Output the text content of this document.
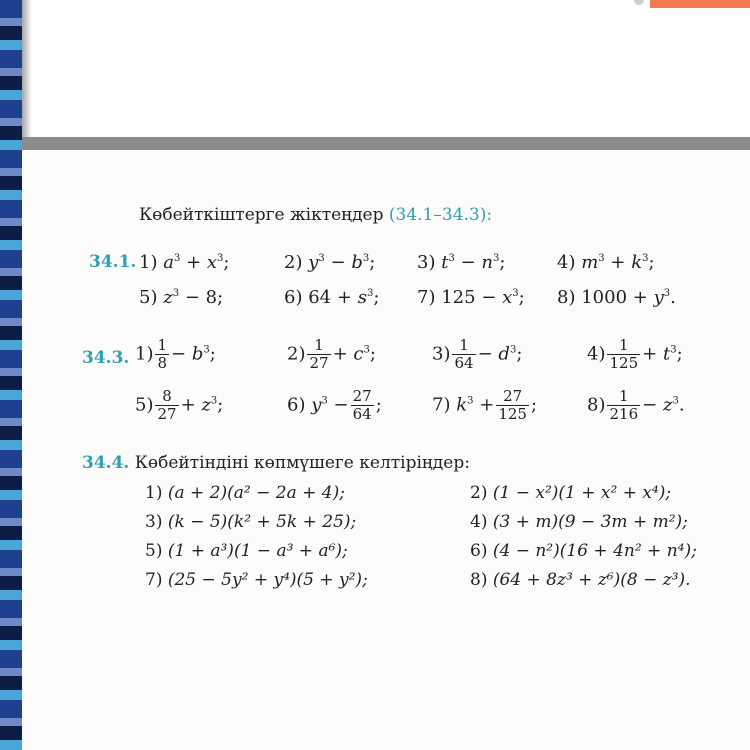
Көбейткіштерге жіктеңдер (34.1–34.3):
34.1. 1) $a^3 + x^3$;	2) $y^3 - b^3$; 3) $t^3 - n^3$;	4) $m^3 + k^3$;
5) $z^3 - 8$;	6) $64 + s^3$; 7) $125 - x^3$; 8) $1000 + y^3$.
34.3. $1) \frac{1}{8} - b^3$;	$2) \frac{1}{27} + c^3$;	$3) \frac{1}{64} - d^3$;	$4) \frac{1}{125} + t^3$;
$5) \frac{8}{27} + z^3$;	6) $y^3 - \frac{27}{64}$ ;	7) $k^3 + \frac{27}{125}$ ;	$8) \frac{1}{216} - z^3$.
34.4. Көбейтіндіні көпмүшеге келтіріңдер:
1) (a + 2)(a² − 2a + 4);	2) (1 − x²)(1 + x² + x⁴);
3) (k − 5)(k² + 5k + 25);	4) (3 + m)(9 − 3m + m²);
5) (1 + a³)(1 − a³ + a⁶);	6) (4 − n²)(16 + 4n² + n⁴);
7) (25 − 5y² + y⁴)(5 + y²);	8) (64 + 8z³ + z⁶)(8 − z³).
